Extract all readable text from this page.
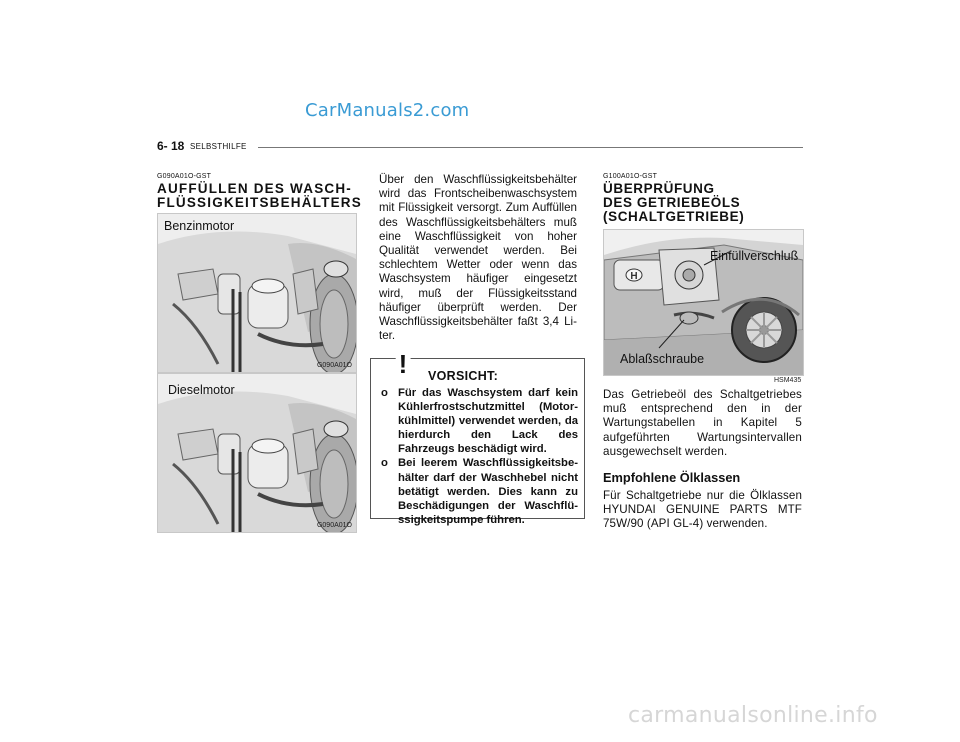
CarManuals2.com
carmanualsonline.info
6- 18 SELBSTHILFE
G090A01O-GST
AUFFÜLLEN DES WASCH-
FLÜSSIGKEITSBEHÄLTERS
Benzinmotor
G090A01O
Dieselmotor
G090A01O

Über den Waschflüssigkeitsbehälter wird das Frontscheibenwaschsystem mit Flüssigkeit versorgt. Zum Auffüllen des Waschflüssigkeitsbehälters muß eine Waschflüssigkeit von hoher Qualität verwendet werden. Bei schlechtem Wetter oder wenn das Waschsystem häufiger eingesetzt wird, muß der Flüssigkeitsstand häufiger überprüft werden. Der Waschflüssigkeitsbehälter faßt 3,4 Li-ter.

! VORSICHT:
o Für das Waschsystem darf kein Kühlerfrostschutzmittel (Motor-kühlmittel) verwendet werden, da hierdurch den Lack des Fahrzeugs beschädigt wird.
o Bei leerem Waschflüssigkeitsbe-hälter darf der Waschhebel nicht betätigt werden. Dies kann zu Beschädigungen der Waschflü-ssigkeitspumpe führen.
G100A01O-GST
ÜBERPRÜFUNG
DES GETRIEBEÖLS
(SCHALTGETRIEBE)
H
Einfüllverschluß
Ablaßschraube
HSM435

Das Getriebeöl des Schaltgetriebes muß entsprechend den in der Wartungstabellen in Kapitel 5 aufgeführten Wartungsintervallen ausgewechselt werden.

Empfohlene Ölklassen

Für Schaltgetriebe nur die Ölklassen HYUNDAI GENUINE PARTS MTF 75W/90 (API GL-4) verwenden.
